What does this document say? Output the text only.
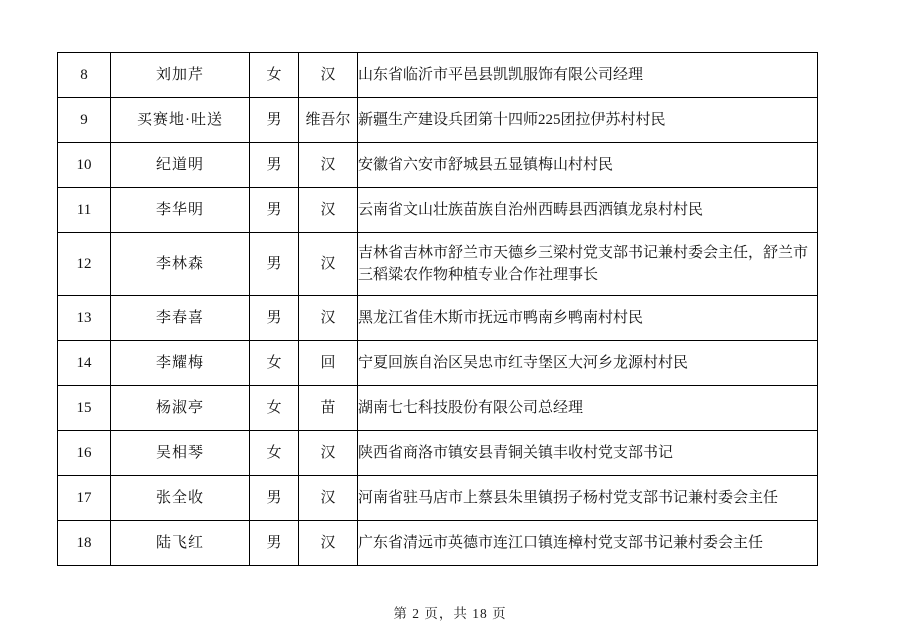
8	刘加芹	女	汉	山东省临沂市平邑县凯凯服饰有限公司经理
9	买赛地·吐送	男	维吾尔	新疆生产建设兵团第十四师225团拉伊苏村村民
10	纪道明	男	汉	安徽省六安市舒城县五显镇梅山村村民
11	李华明	男	汉	云南省文山壮族苗族自治州西畴县西洒镇龙泉村村民
12	李林森	男	汉	吉林省吉林市舒兰市天德乡三梁村党支部书记兼村委会主任，舒兰市三稻粱农作物种植专业合作社理事长
13	李春喜	男	汉	黑龙江省佳木斯市抚远市鸭南乡鸭南村村民
14	李耀梅	女	回	宁夏回族自治区吴忠市红寺堡区大河乡龙源村村民
15	杨淑亭	女	苗	湖南七七科技股份有限公司总经理
16	吴相琴	女	汉	陕西省商洛市镇安县青铜关镇丰收村党支部书记
17	张全收	男	汉	河南省驻马店市上蔡县朱里镇拐子杨村党支部书记兼村委会主任
18	陆飞红	男	汉	广东省清远市英德市连江口镇连樟村党支部书记兼村委会主任
第 2 页，共 18 页
